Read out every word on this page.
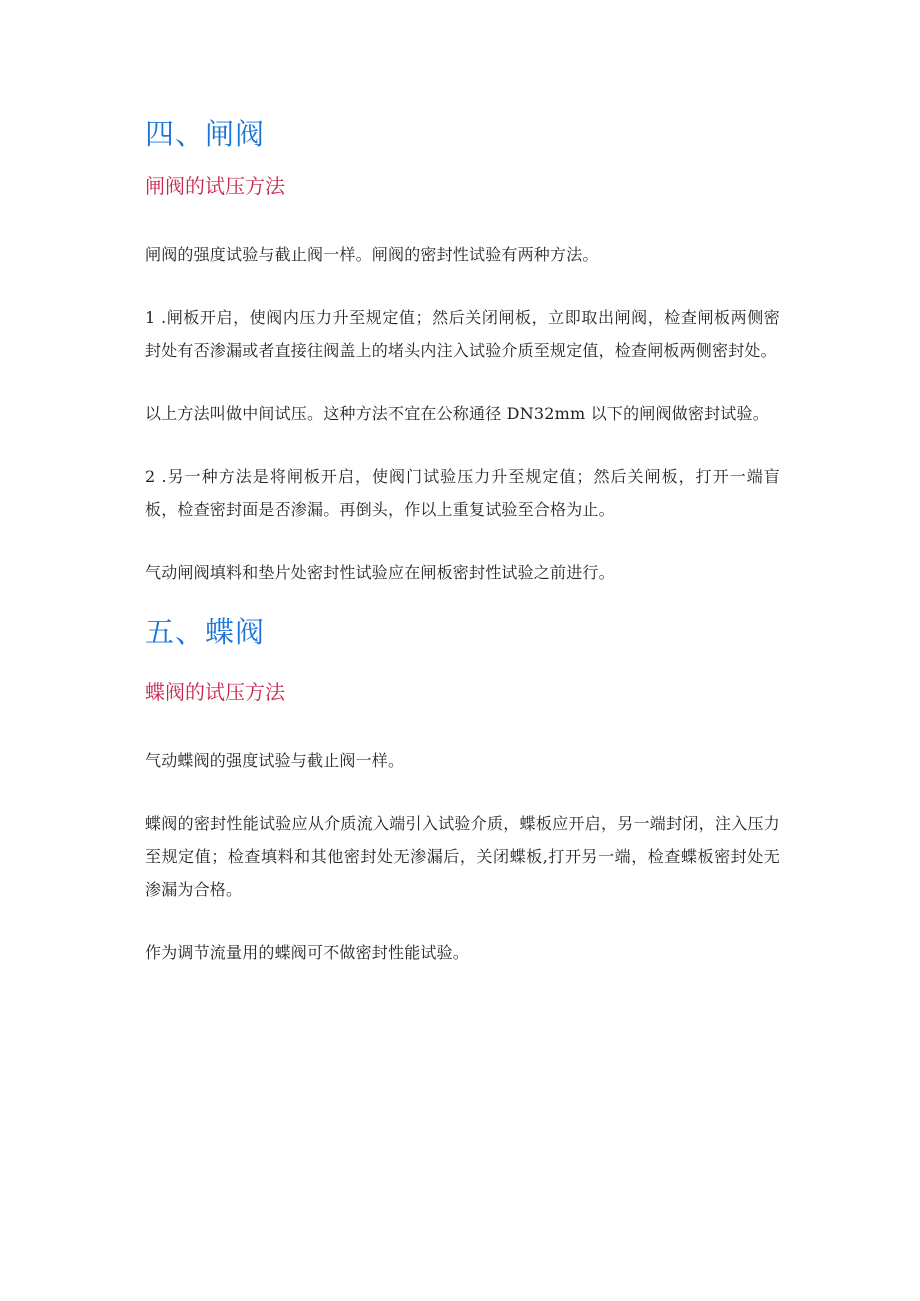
四、闸阀
闸阀的试压方法

闸阀的强度试验与截止阀一样。闸阀的密封性试验有两种方法。

1 .闸板开启，使阀内压力升至规定值；然后关闭闸板，立即取出闸阀，检查闸板两侧密封处有否渗漏或者直接往阀盖上的堵头内注入试验介质至规定值，检查闸板两侧密封处。

以上方法叫做中间试压。这种方法不宜在公称通径 DN32mm 以下的闸阀做密封试验。

2 .另一种方法是将闸板开启，使阀门试验压力升至规定值；然后关闸板，打开一端盲板，检查密封面是否渗漏。再倒头，作以上重复试验至合格为止。

气动闸阀填料和垫片处密封性试验应在闸板密封性试验之前进行。

五、蝶阀
蝶阀的试压方法

气动蝶阀的强度试验与截止阀一样。

蝶阀的密封性能试验应从介质流入端引入试验介质，蝶板应开启，另一端封闭，注入压力至规定值；检查填料和其他密封处无渗漏后，关闭蝶板,打开另一端，检查蝶板密封处无渗漏为合格。

作为调节流量用的蝶阀可不做密封性能试验。
